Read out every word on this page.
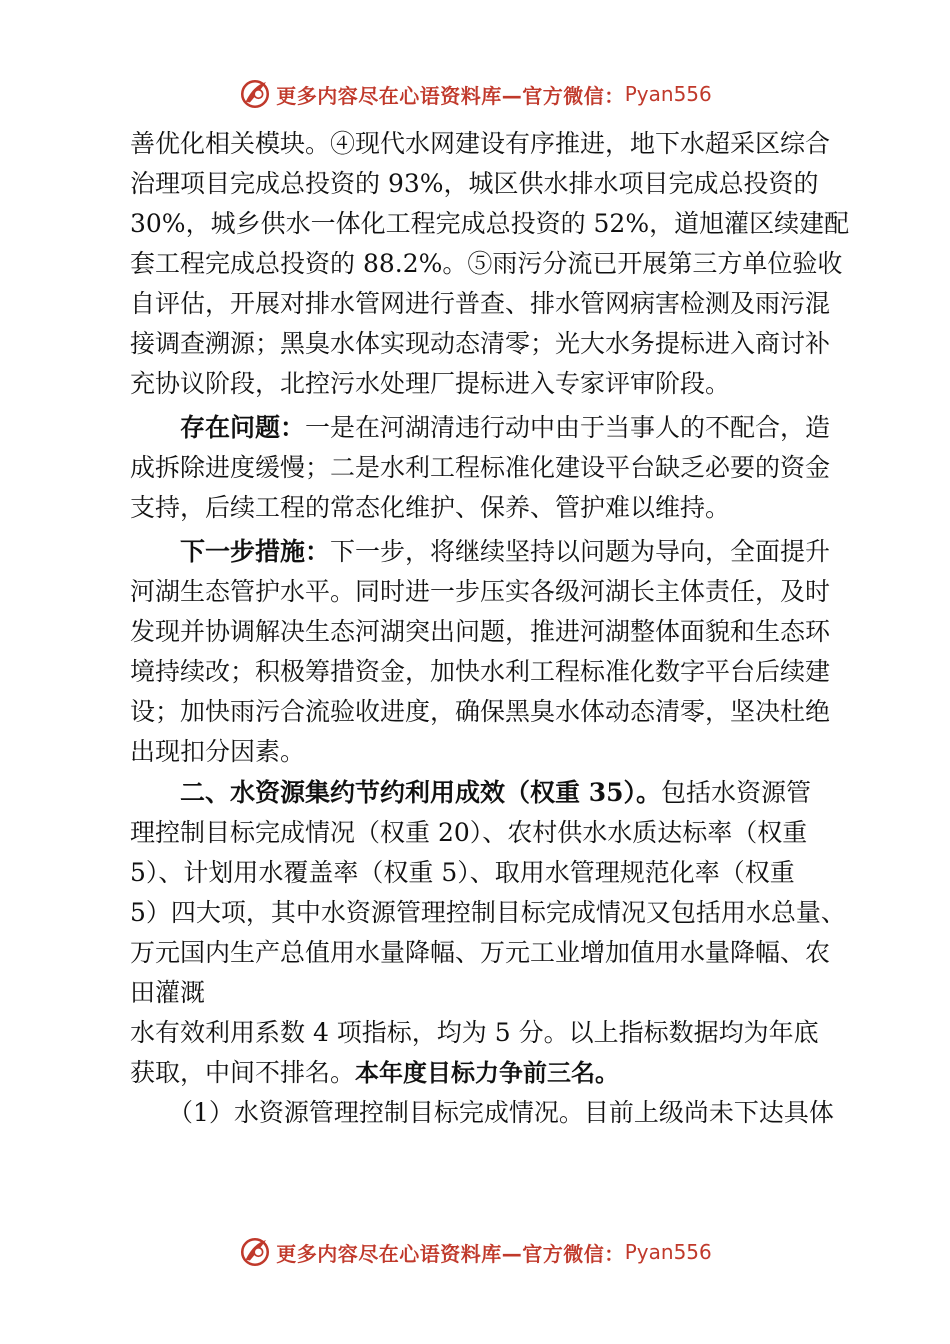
更多内容尽在心语资料库—官方微信： Pyan556

善优化相关模块。④现代水网建设有序推进，地下水超采区综合

治理项目完成总投资的 93%，城区供水排水项目完成总投资的

30%，城乡供水一体化工程完成总投资的 52%，道旭灌区续建配

套工程完成总投资的 88.2%。⑤雨污分流已开展第三方单位验收

自评估，开展对排水管网进行普查、排水管网病害检测及雨污混

接调查溯源；黑臭水体实现动态清零；光大水务提标进入商讨补

充协议阶段，北控污水处理厂提标进入专家评审阶段。

存在问题：一是在河湖清违行动中由于当事人的不配合，造

成拆除进度缓慢；二是水利工程标准化建设平台缺乏必要的资金

支持，后续工程的常态化维护、保养、管护难以维持。

下一步措施：下一步，将继续坚持以问题为导向，全面提升

河湖生态管护水平。同时进一步压实各级河湖长主体责任，及时

发现并协调解决生态河湖突出问题，推进河湖整体面貌和生态环

境持续改；积极筹措资金，加快水利工程标准化数字平台后续建

设；加快雨污合流验收进度，确保黑臭水体动态清零，坚决杜绝

出现扣分因素。

二、水资源集约节约利用成效（权重 35）。包括水资源管

理控制目标完成情况（权重 20）、农村供水水质达标率（权重

5）、计划用水覆盖率（权重 5）、取用水管理规范化率（权重

5）四大项，其中水资源管理控制目标完成情况又包括用水总量、

万元国内生产总值用水量降幅、万元工业增加值用水量降幅、农

田灌溉

水有效利用系数 4 项指标，均为 5 分。以上指标数据均为年底

获取，中间不排名。本年度目标力争前三名。

（1）水资源管理控制目标完成情况。目前上级尚未下达具体

更多内容尽在心语资料库—官方微信： Pyan556
